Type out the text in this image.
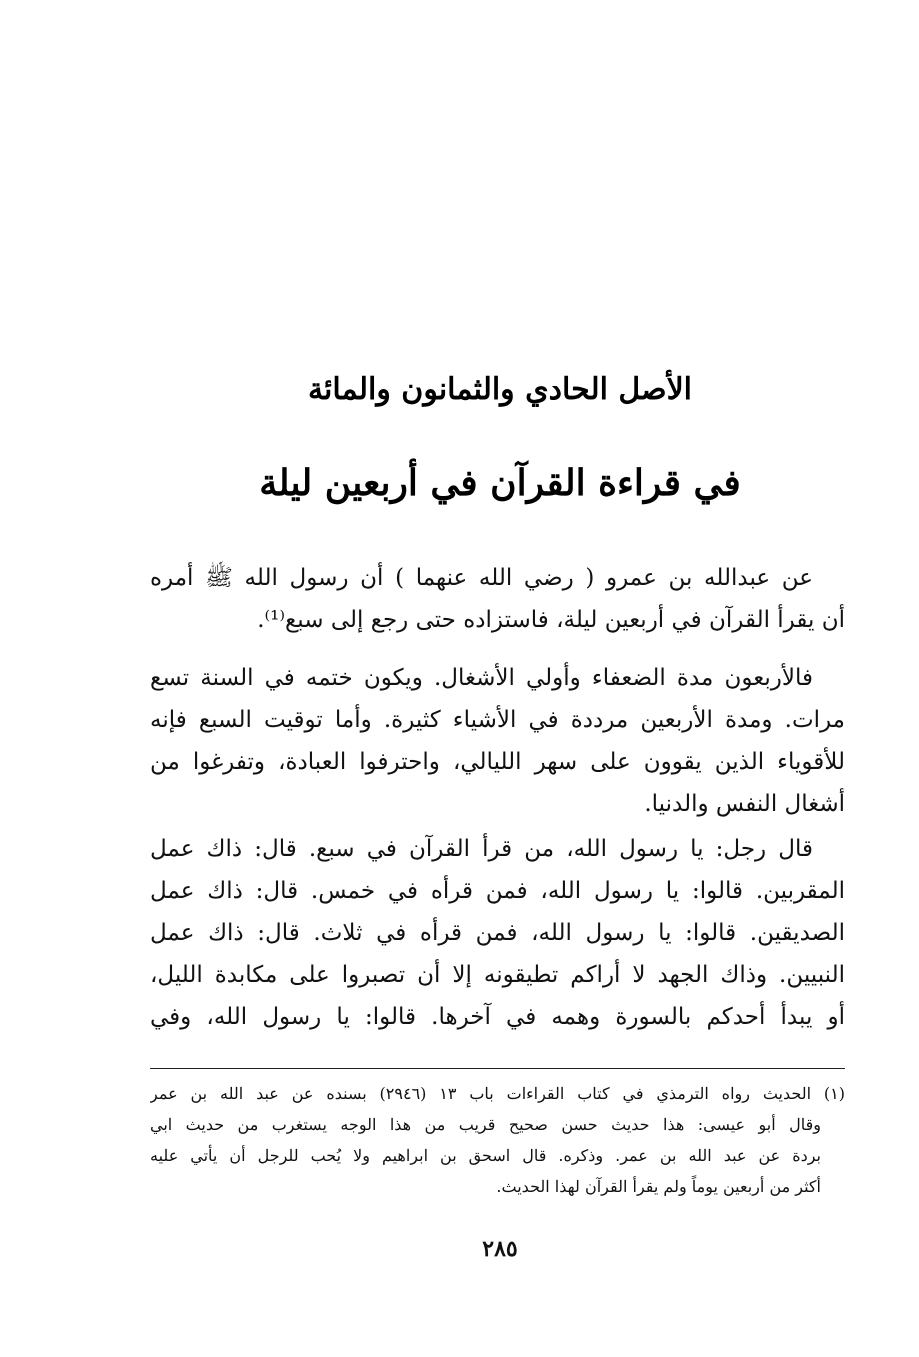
الأصل الحادي والثمانون والمائة
في قراءة القرآن في أربعين ليلة
عن عبدالله بن عمرو ( رضي الله عنهما ) أن رسول الله ﷺ أمره
أن يقرأ القرآن في أربعين ليلة، فاستزاده حتى رجع إلى سبع⁽¹⁾.
فالأربعون مدة الضعفاء وأولي الأشغال. ويكون ختمه في السنة تسع
مرات. ومدة الأربعين مرددة في الأشياء كثيرة. وأما توقيت السبع فإنه
للأقوياء الذين يقوون على سهر الليالي، واحترفوا العبادة، وتفرغوا من
أشغال النفس والدنيا.
قال رجل: يا رسول الله، من قرأ القرآن في سبع. قال: ذاك عمل
المقربين. قالوا: يا رسول الله، فمن قرأه في خمس. قال: ذاك عمل
الصديقين. قالوا: يا رسول الله، فمن قرأه في ثلاث. قال: ذاك عمل
النبيين. وذاك الجهد لا أراكم تطيقونه إلا أن تصبروا على مكابدة الليل،
أو يبدأ أحدكم بالسورة وهمه في آخرها. قالوا: يا رسول الله، وفي
(١) الحديث رواه الترمذي في كتاب القراءات باب ١٣ (٢٩٤٦) بسنده عن عبد الله بن عمر
وقال أبو عيسى: هذا حديث حسن صحيح قريب من هذا الوجه يستغرب من حديث ابي
بردة عن عبد الله بن عمر. وذكره. قال اسحق بن ابراهيم ولا يُحب للرجل أن يأتي عليه
أكثر من أربعين يوماً ولم يقرأ القرآن لهذا الحديث.
٢٨٥
